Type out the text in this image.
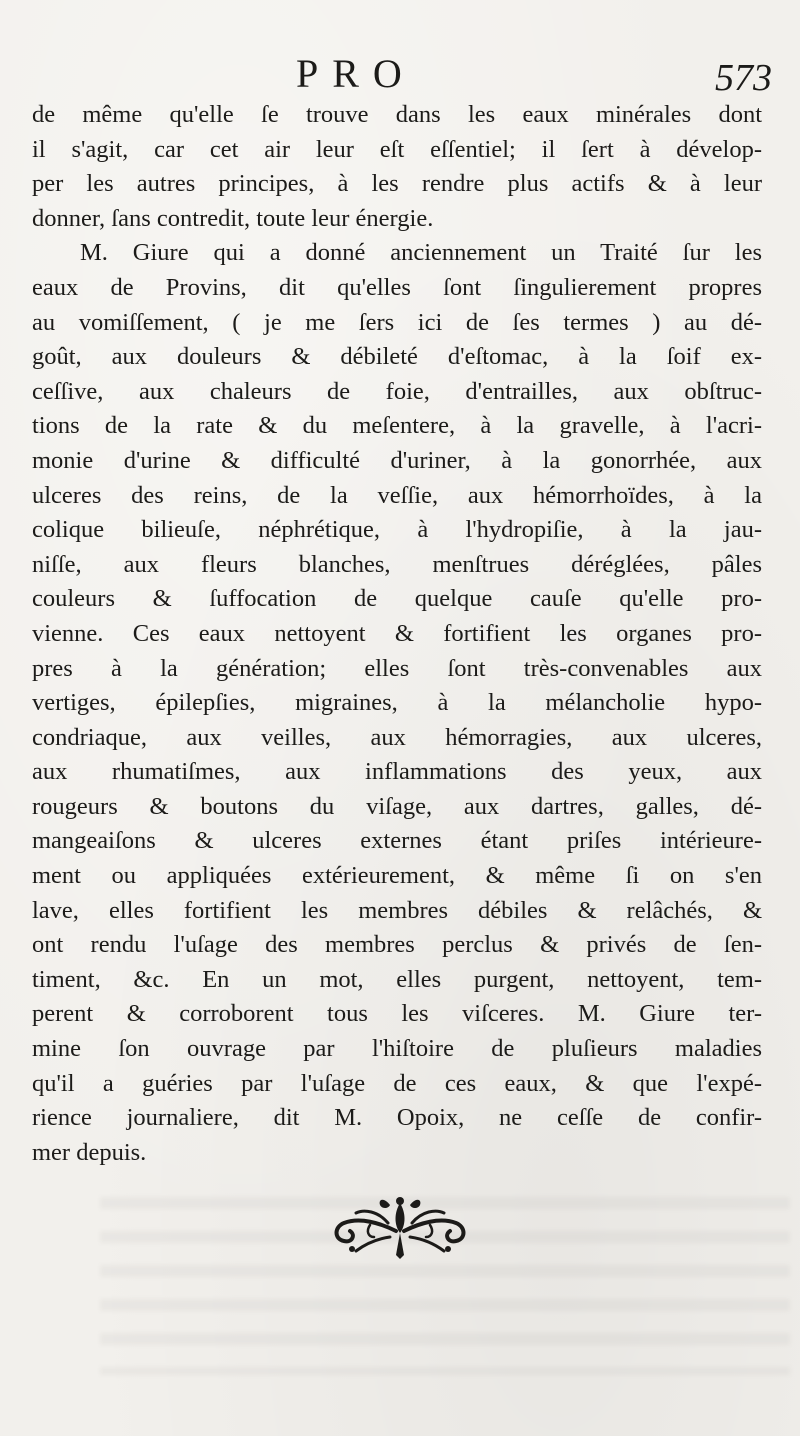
PRO	573
de même qu'elle ſe trouve dans les eaux minérales dont
il s'agit, car cet air leur eſt eſſentiel; il ſert à dévelop-
per les autres principes, à les rendre plus actifs & à leur
donner, ſans contredit, toute leur énergie.
M. Giure qui a donné anciennement un Traité ſur les
eaux de Provins, dit qu'elles ſont ſingulierement propres
au vomiſſement, ( je me ſers ici de ſes termes ) au dé-
goût, aux douleurs & débileté d'eſtomac, à la ſoif ex-
ceſſive, aux chaleurs de foie, d'entrailles, aux obſtruc-
tions de la rate & du meſentere, à la gravelle, à l'acri-
monie d'urine & difficulté d'uriner, à la gonorrhée, aux
ulceres des reins, de la veſſie, aux hémorrhoïdes, à la
colique bilieuſe, néphrétique, à l'hydropiſie, à la jau-
niſſe, aux fleurs blanches, menſtrues déréglées, pâles
couleurs & ſuffocation de quelque cauſe qu'elle pro-
vienne. Ces eaux nettoyent & fortifient les organes pro-
pres à la génération; elles ſont très-convenables aux
vertiges, épilepſies, migraines, à la mélancholie hypo-
condriaque, aux veilles, aux hémorragies, aux ulceres,
aux rhumatiſmes, aux inflammations des yeux, aux
rougeurs & boutons du viſage, aux dartres, galles, dé-
mangeaiſons & ulceres externes étant priſes intérieure-
ment ou appliquées extérieurement, & même ſi on s'en
lave, elles fortifient les membres débiles & relâchés, &
ont rendu l'uſage des membres perclus & privés de ſen-
timent, &c. En un mot, elles purgent, nettoyent, tem-
perent & corroborent tous les viſceres. M. Giure ter-
mine ſon ouvrage par l'hiſtoire de pluſieurs maladies
qu'il a guéries par l'uſage de ces eaux, & que l'expé-
rience journaliere, dit M. Opoix, ne ceſſe de confir-
mer depuis.
